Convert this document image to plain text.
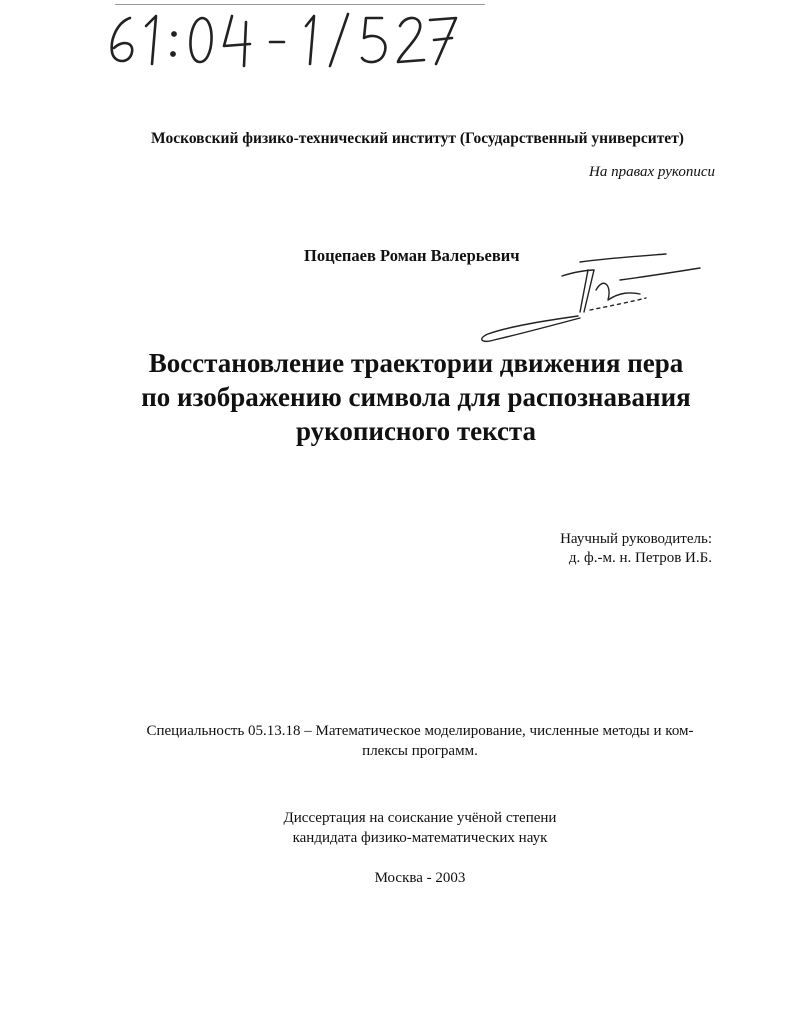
Московский физико-технический институт (Государственный университет)
На правах рукописи
Поцепаев Роман Валерьевич
Восстановление траектории движения пера
по изображению символа для распознавания
рукописного текста
Научный руководитель:
д. ф.-м. н. Петров И.Б.
Специальность 05.13.18 – Математическое моделирование, численные методы и ком-
плексы программ.
Диссертация на соискание учёной степени
кандидата физико-математических наук
Москва - 2003
